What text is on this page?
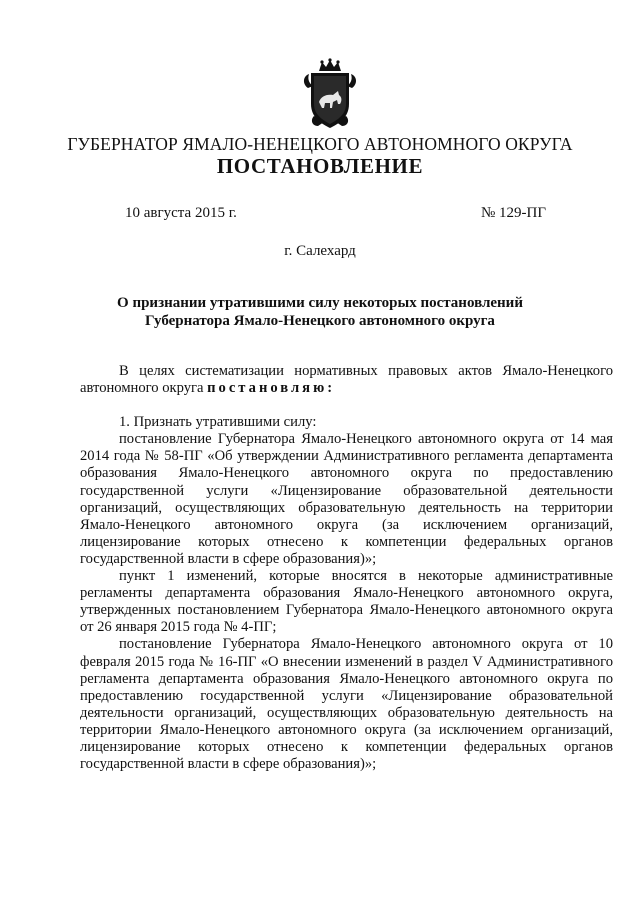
ГУБЕРНАТОР ЯМАЛО-НЕНЕЦКОГО АВТОНОМНОГО ОКРУГА
ПОСТАНОВЛЕНИЕ
10 августа 2015 г.	№ 129-ПГ
г. Салехард
О признании утратившими силу некоторых постановлений
Губернатора Ямало-Ненецкого автономного округа

В целях систематизации нормативных правовых актов Ямало-Ненецкого автономного округа постановляю:

1. Признать утратившими силу:

постановление Губернатора Ямало-Ненецкого автономного округа от 14 мая 2014 года № 58-ПГ «Об утверждении Административного регламента департамента образования Ямало-Ненецкого автономного округа по предоставлению государственной услуги «Лицензирование образовательной деятельности организаций, осуществляющих образовательную деятельность на территории Ямало-Ненецкого автономного округа (за исключением организаций, лицензирование которых отнесено к компетенции федеральных органов государственной власти в сфере образования)»;

пункт 1 изменений, которые вносятся в некоторые административные регламенты департамента образования Ямало-Ненецкого автономного округа, утвержденных постановлением Губернатора Ямало-Ненецкого автономного округа от 26 января 2015 года № 4-ПГ;

постановление Губернатора Ямало-Ненецкого автономного округа от 10 февраля 2015 года № 16-ПГ «О внесении изменений в раздел V Административного регламента департамента образования Ямало-Ненецкого автономного округа по предоставлению государственной услуги «Лицензирование образовательной деятельности организаций, осуществляющих образовательную деятельность на территории Ямало-Ненецкого автономного округа (за исключением организаций, лицензирование которых отнесено к компетенции федеральных органов государственной власти в сфере образования)»;
